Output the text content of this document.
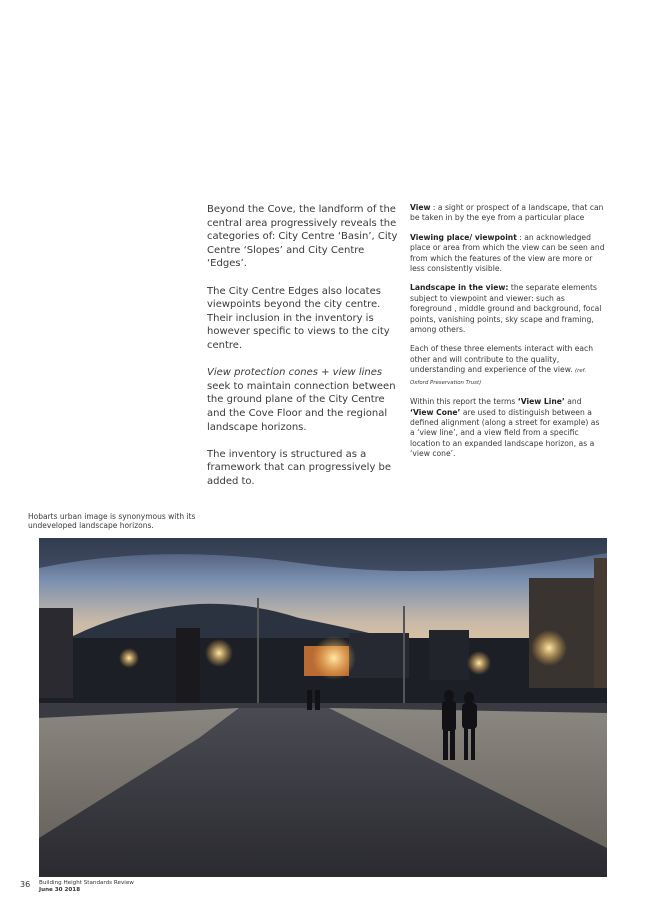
Beyond the Cove, the landform of the central area progressively reveals the categories of: City Centre ‘Basin’, City Centre ‘Slopes’ and City Centre ‘Edges’.

The City Centre Edges also locates viewpoints beyond the city centre. Their inclusion in the inventory is however specific to views to the city centre.

View protection cones + view lines seek to maintain connection between the ground plane of the City Centre and the Cove Floor and the regional landscape horizons.

The inventory is structured as a framework that can progressively be added to.

View : a sight or prospect of a landscape, that can be taken in by the eye from a particular place

Viewing place/ viewpoint : an acknowledged place or area from which the view can be seen and from which the features of the view are more or less consistently visible.

Landscape in the view: the separate elements subject to viewpoint and viewer: such as foreground , middle ground and background, focal points, vanishing points, sky scape and framing, among others.

Each of these three elements interact with each other and will contribute to the quality, understanding and experience of the view. (ref. Oxford Preservation Trust)

Within this report the terms ‘View Line’ and ‘View Cone’ are used to distinguish between a defined alignment (along a street for example) as a ‘view line’, and a view field from a specific location to an expanded landscape horizon, as a ‘view cone’.

Hobarts urban image is synonymous with its undeveloped landscape horizons.
36 Building Height Standards Review
June 30 2018
